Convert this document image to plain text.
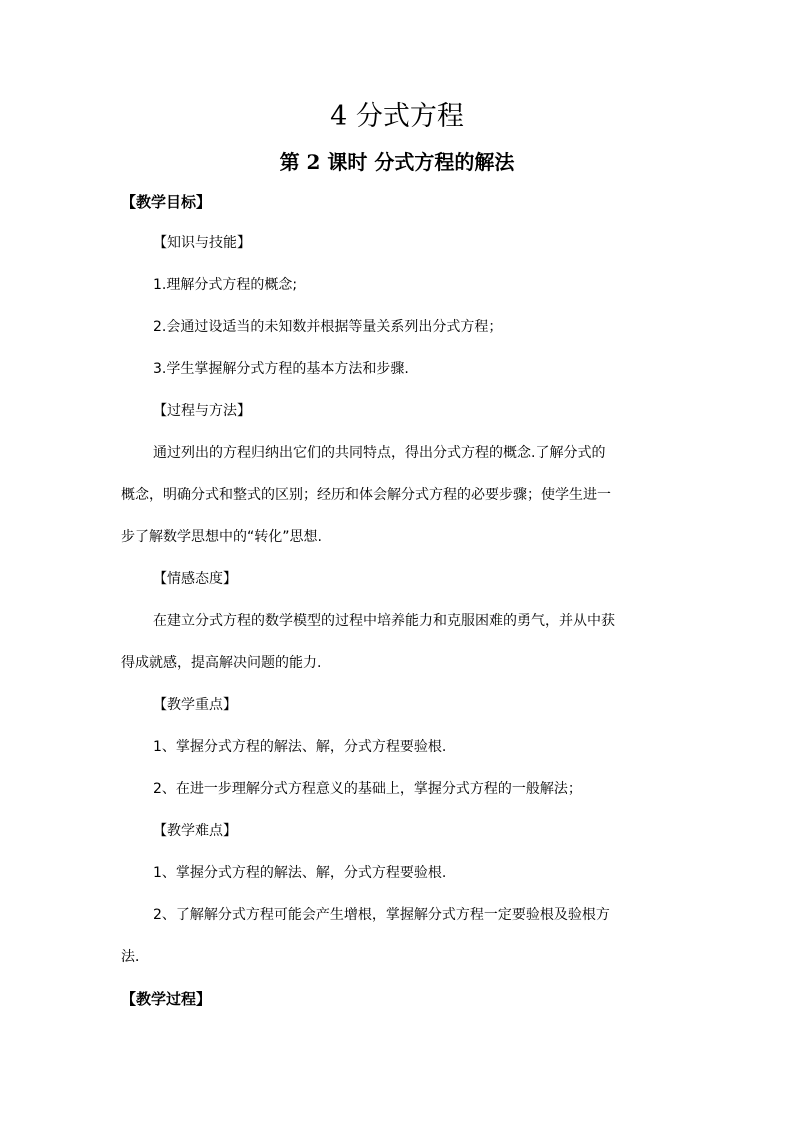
4 分式方程
第 2 课时 分式方程的解法
【教学目标】
【知识与技能】
1.理解分式方程的概念;
2.会通过设适当的未知数并根据等量关系列出分式方程；
3.学生掌握解分式方程的基本方法和步骤.
【过程与方法】
通过列出的方程归纳出它们的共同特点，得出分式方程的概念.了解分式的
概念，明确分式和整式的区别；经历和体会解分式方程的必要步骤；使学生进一
步了解数学思想中的“转化”思想.
【情感态度】
在建立分式方程的数学模型的过程中培养能力和克服困难的勇气，并从中获
得成就感，提高解决问题的能力.
【教学重点】
1、掌握分式方程的解法、解，分式方程要验根.
2、在进一步理解分式方程意义的基础上，掌握分式方程的一般解法；
【教学难点】
1、掌握分式方程的解法、解，分式方程要验根.
2、了解解分式方程可能会产生增根，掌握解分式方程一定要验根及验根方
法．
【教学过程】
